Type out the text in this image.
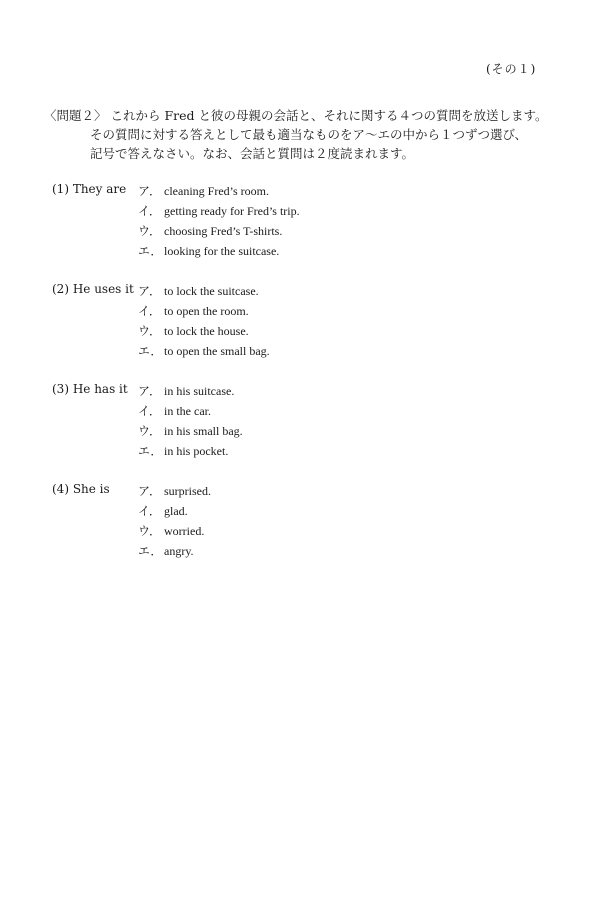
(その１)
〈問題２〉 これから Fred と彼の母親の会話と、それに関する４つの質問を放送します。
その質問に対する答えとして最も適当なものをア〜エの中から１つずつ選び、
記号で答えなさい。なお、会話と質問は２度読まれます。
(1) They are ア． cleaning Fred’s room.
イ． getting ready for Fred’s trip.
ウ． choosing Fred’s T-shirts.
エ． looking for the suitcase.
(2) He uses it ア． to lock the suitcase.
イ． to open the room.
ウ． to lock the house.
エ． to open the small bag.
(3) He has it ア． in his suitcase.
イ． in the car.
ウ． in his small bag.
エ． in his pocket.
(4) She is ア． surprised.
イ． glad.
ウ． worried.
エ． angry.
